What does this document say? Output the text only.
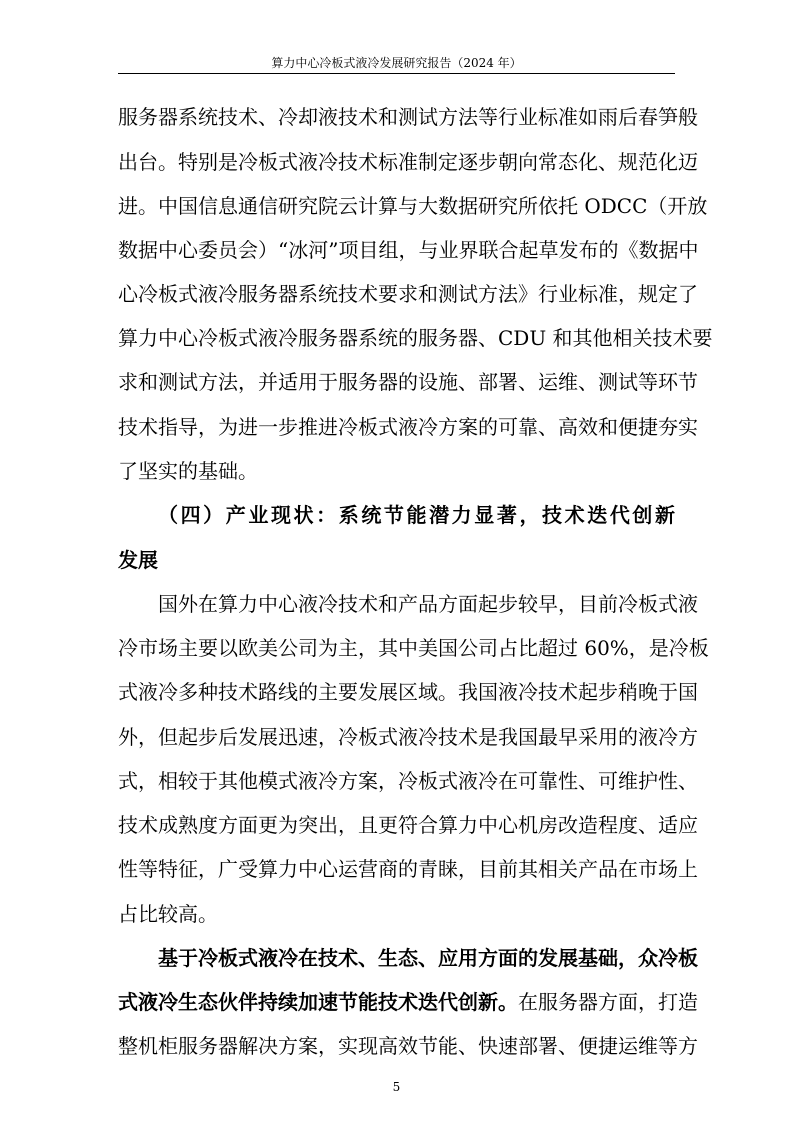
算力中心冷板式液冷发展研究报告（2024 年）
服务器系统技术、冷却液技术和测试方法等行业标准如雨后春笋般
出台。特别是冷板式液冷技术标准制定逐步朝向常态化、规范化迈
进。中国信息通信研究院云计算与大数据研究所依托 ODCC（开放
数据中心委员会）“冰河”项目组，与业界联合起草发布的《数据中
心冷板式液冷服务器系统技术要求和测试方法》行业标准，规定了
算力中心冷板式液冷服务器系统的服务器、CDU 和其他相关技术要
求和测试方法，并适用于服务器的设施、部署、运维、测试等环节
技术指导，为进一步推进冷板式液冷方案的可靠、高效和便捷夯实
了坚实的基础。
（四）产业现状：系统节能潜力显著，技术迭代创新
发展
国外在算力中心液冷技术和产品方面起步较早，目前冷板式液
冷市场主要以欧美公司为主，其中美国公司占比超过 60%，是冷板
式液冷多种技术路线的主要发展区域。我国液冷技术起步稍晚于国
外，但起步后发展迅速，冷板式液冷技术是我国最早采用的液冷方
式，相较于其他模式液冷方案，冷板式液冷在可靠性、可维护性、
技术成熟度方面更为突出，且更符合算力中心机房改造程度、适应
性等特征，广受算力中心运营商的青睐，目前其相关产品在市场上
占比较高。
基于冷板式液冷在技术、生态、应用方面的发展基础，众冷板
式液冷生态伙伴持续加速节能技术迭代创新。在服务器方面，打造
整机柜服务器解决方案，实现高效节能、快速部署、便捷运维等方
5
